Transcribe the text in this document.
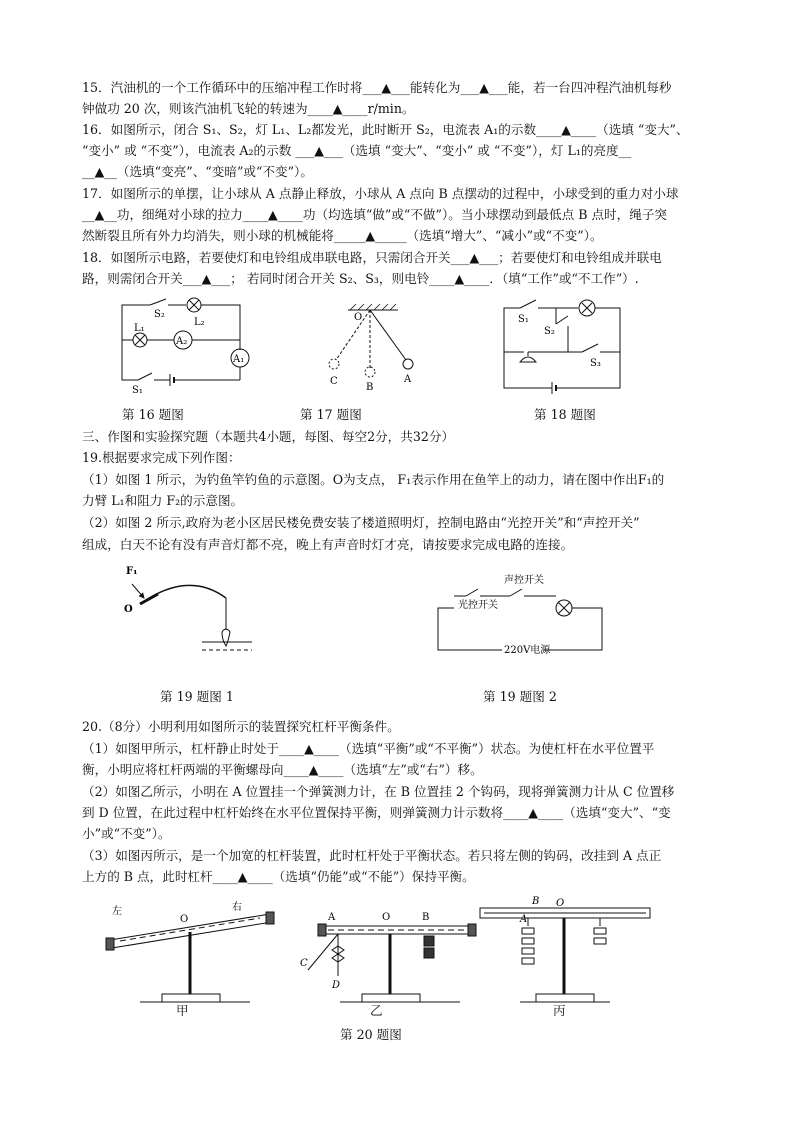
15．汽油机的一个工作循环中的压缩冲程工作时将___▲___能转化为___▲___能，若一台四冲程汽油机每秒
钟做功 20 次，则该汽油机飞轮的转速为____▲____r/min。
16．如图所示，闭合 S₁、S₂，灯 L₁、L₂都发光，此时断开 S₂，电流表 A₁的示数____▲____（选填 “变大”、
“变小” 或 “不变”），电流表 A₂的示数 ___▲___（选填 “变大”、“变小” 或 “不变”），灯 L₁的亮度__
__▲__（选填“变亮”、“变暗”或“不变”）。
17．如图所示的单摆，让小球从 A 点静止释放，小球从 A 点向 B 点摆动的过程中，小球受到的重力对小球
__▲__功，细绳对小球的拉力____▲____功（均选填“做”或“不做”）。当小球摆动到最低点 B 点时，绳子突
然断裂且所有外力均消失，则小球的机械能将_____▲_____（选填“增大”、“减小”或“不变”）。
18．如图所示电路，若要使灯和电铃组成串联电路，只需闭合开关___▲___；若要使灯和电铃组成并联电
路，则需闭合开关___▲___； 若同时闭合开关 S₂、S₃，则电铃____▲____．（填“工作”或“不工作”）.
S₂
L₂
L₁
A₂
A₁
S₁
第 16 题图
O
A
B
C
第 17 题图
S₁
S₂
S₃
第 18 题图
三、作图和实验探究题（本题共4小题，每图、每空2分，共32分）
19.根据要求完成下列作图：
（1）如图 1 所示，为钓鱼竿钓鱼的示意图。O为支点， F₁表示作用在鱼竿上的动力，请在图中作出F₁的
力臂 L₁和阻力 F₂的示意图。
（2）如图 2 所示,政府为老小区居民楼免费安装了楼道照明灯，控制电路由“光控开关”和“声控开关”
组成，白天不论有没有声音灯都不亮，晚上有声音时灯才亮，请按要求完成电路的连接。
F₁
O
第 19 题图 1
声控开关
光控开关
220V电源
第 19 题图 2
20.（8分）小明利用如图所示的装置探究杠杆平衡条件。
（1）如图甲所示，杠杆静止时处于____▲____（选填“平衡”或“不平衡”）状态。为使杠杆在水平位置平
衡，小明应将杠杆两端的平衡螺母向____▲____（选填“左”或“右”）移。
（2）如图乙所示，小明在 A 位置挂一个弹簧测力计，在 B 位置挂 2 个钩码，现将弹簧测力计从 C 位置移
到 D 位置，在此过程中杠杆始终在水平位置保持平衡，则弹簧测力计示数将____▲____（选填“变大”、“变
小”或“不变”）。
（3）如图丙所示，是一个加宽的杠杆装置，此时杠杆处于平衡状态。若只将左侧的钩码，改挂到 A 点正
上方的 B 点，此时杠杆____▲____（选填“仍能”或“不能”）保持平衡。
左	右
O	A	O	B
C
D
B
A
O
甲	乙	丙
第 20 题图
